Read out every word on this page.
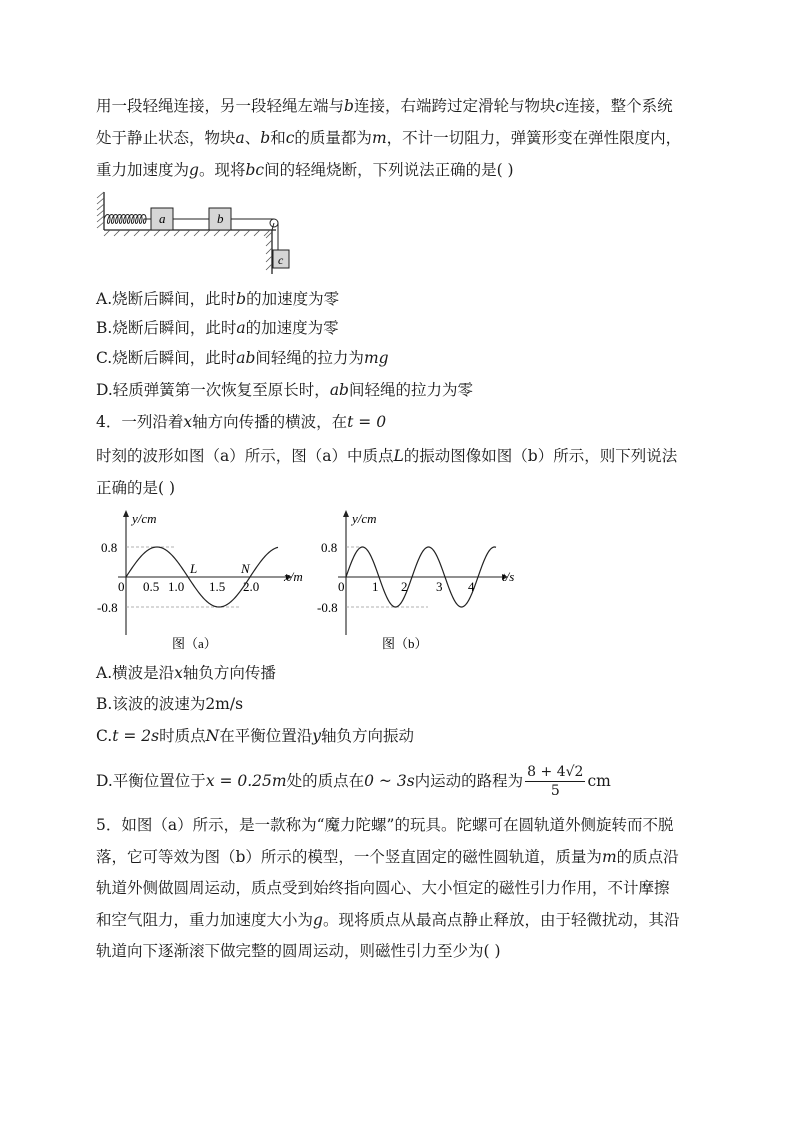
用一段轻绳连接，另一段轻绳左端与b连接，右端跨过定滑轮与物块c连接，整个系统
处于静止状态，物块a、b和c的质量都为m，不计一切阻力，弹簧形变在弹性限度内，
重力加速度为g。现将bc间的轻绳烧断，下列说法正确的是( )
a	b
c
A.烧断后瞬间，此时b的加速度为零
B.烧断后瞬间，此时a的加速度为零
C.烧断后瞬间，此时ab间轻绳的拉力为mg
D.轻质弹簧第一次恢复至原长时，ab间轻绳的拉力为零
4．一列沿着x轴方向传播的横波，在t = 0
时刻的波形如图（a）所示，图（a）中质点L的振动图像如图（b）所示，则下列说法
正确的是( )
y/cm
x/m
0.8
-0.8
0 0.5 1.0 1.5 2.0
L	N
图（a）
y/cm
t/s
0.8
-0.8
0 1 2 3 4
图（b）
A.横波是沿x轴负方向传播
B.该波的波速为2m/s
C.t = 2s时质点N在平衡位置沿y轴负方向振动
D.平衡位置位于 x = 0.25m 处的质点在 0 ~ 3s 内运动的路程为 $\frac{8 + 4√2}{5}$ cm
5．如图（a）所示，是一款称为“魔力陀螺”的玩具。陀螺可在圆轨道外侧旋转而不脱
落，它可等效为图（b）所示的模型，一个竖直固定的磁性圆轨道，质量为m的质点沿
轨道外侧做圆周运动，质点受到始终指向圆心、大小恒定的磁性引力作用，不计摩擦
和空气阻力，重力加速度大小为g。现将质点从最高点静止释放，由于轻微扰动，其沿
轨道向下逐渐滚下做完整的圆周运动，则磁性引力至少为( )
